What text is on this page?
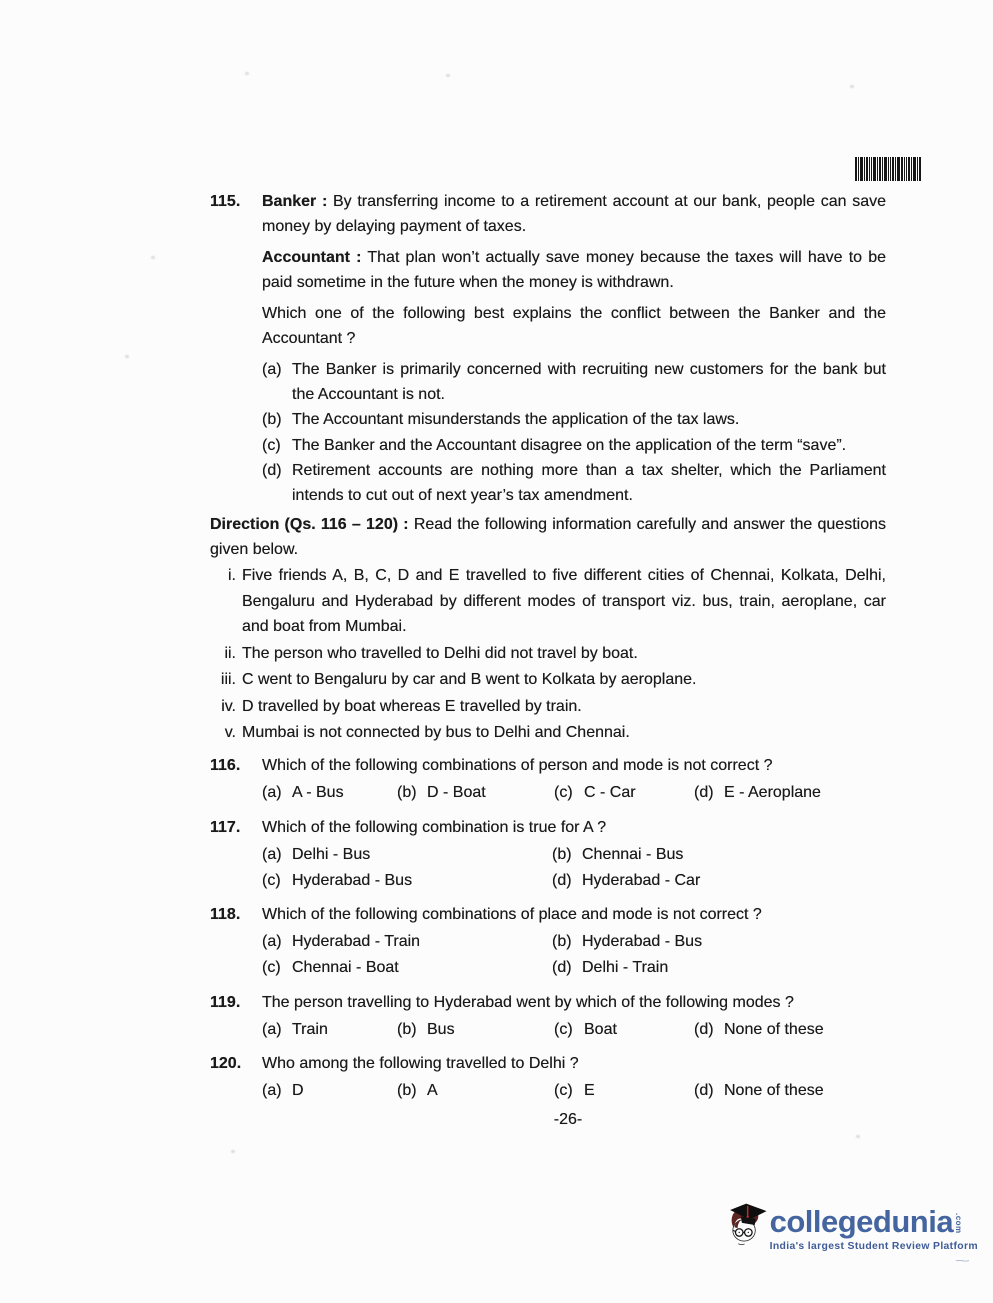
115.	Banker : By transferring income to a retirement account at our bank, people can save money by delaying payment of taxes.

Accountant : That plan won’t actually save money because the taxes will have to be paid sometime in the future when the money is withdrawn.

Which one of the following best explains the conflict between the Banker and the Accountant ?

(a) The Banker is primarily concerned with recruiting new customers for the bank but the Accountant is not.
(b) The Accountant misunderstands the application of the tax laws.
(c) The Banker and the Accountant disagree on the application of the term “save”.
(d) Retirement accounts are nothing more than a tax shelter, which the Parliament intends to cut out of next year’s tax amendment.

Direction (Qs. 116 – 120) : Read the following information carefully and answer the questions given below.

i. Five friends A, B, C, D and E travelled to five different cities of Chennai, Kolkata, Delhi, Bengaluru and Hyderabad by different modes of transport viz. bus, train, aeroplane, car and boat from Mumbai.
ii. The person who travelled to Delhi did not travel by boat.
iii. C went to Bengaluru by car and B went to Kolkata by aeroplane.
iv. D travelled by boat whereas E travelled by train.
v. Mumbai is not connected by bus to Delhi and Chennai.
116.	Which of the following combinations of person and mode is not correct ?

(a) A - Bus	(b) D - Boat	(c) C - Car	(d) E - Aeroplane
117.	Which of the following combination is true for A ?

(a) Delhi - Bus	(b) Chennai - Bus
(c) Hyderabad - Bus	(d) Hyderabad - Car
118.	Which of the following combinations of place and mode is not correct ?

(a) Hyderabad - Train	(b) Hyderabad - Bus
(c) Chennai - Boat	(d) Delhi - Train
119.	The person travelling to Hyderabad went by which of the following modes ?

(a) Train	(b) Bus	(c) Boat	(d) None of these
120.	Who among the following travelled to Delhi ?

(a) D	(b) A	(c) E	(d) None of these
-26-
collegedunia .com
India's largest Student Review Platform
~
